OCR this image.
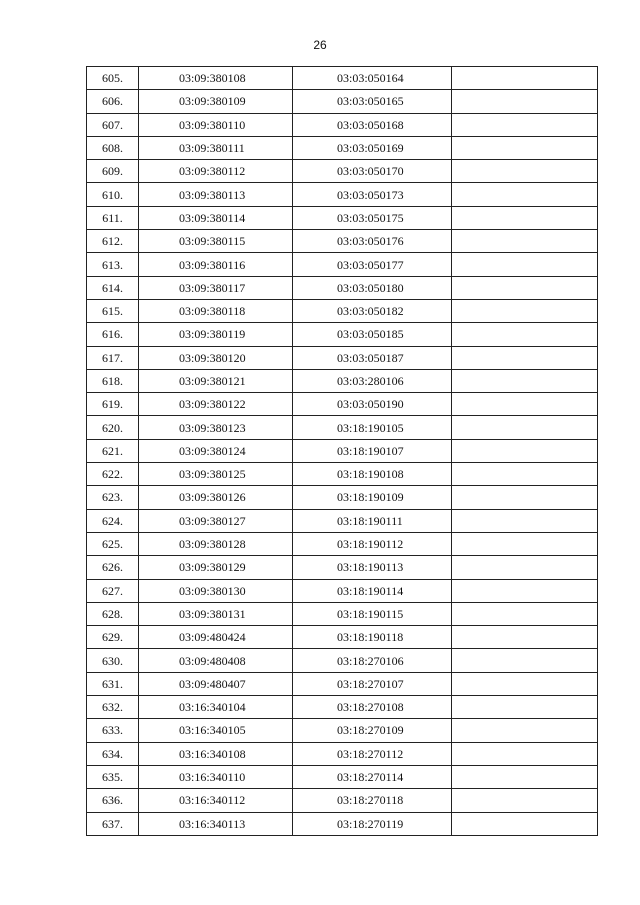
26
605.	03:09:380108	03:03:050164	
606.	03:09:380109	03:03:050165	
607.	03:09:380110	03:03:050168	
608.	03:09:380111	03:03:050169	
609.	03:09:380112	03:03:050170	
610.	03:09:380113	03:03:050173	
611.	03:09:380114	03:03:050175	
612.	03:09:380115	03:03:050176	
613.	03:09:380116	03:03:050177	
614.	03:09:380117	03:03:050180	
615.	03:09:380118	03:03:050182	
616.	03:09:380119	03:03:050185	
617.	03:09:380120	03:03:050187	
618.	03:09:380121	03:03:280106	
619.	03:09:380122	03:03:050190	
620.	03:09:380123	03:18:190105	
621.	03:09:380124	03:18:190107	
622.	03:09:380125	03:18:190108	
623.	03:09:380126	03:18:190109	
624.	03:09:380127	03:18:190111	
625.	03:09:380128	03:18:190112	
626.	03:09:380129	03:18:190113	
627.	03:09:380130	03:18:190114	
628.	03:09:380131	03:18:190115	
629.	03:09:480424	03:18:190118	
630.	03:09:480408	03:18:270106	
631.	03:09:480407	03:18:270107	
632.	03:16:340104	03:18:270108	
633.	03:16:340105	03:18:270109	
634.	03:16:340108	03:18:270112	
635.	03:16:340110	03:18:270114	
636.	03:16:340112	03:18:270118	
637.	03:16:340113	03:18:270119	
